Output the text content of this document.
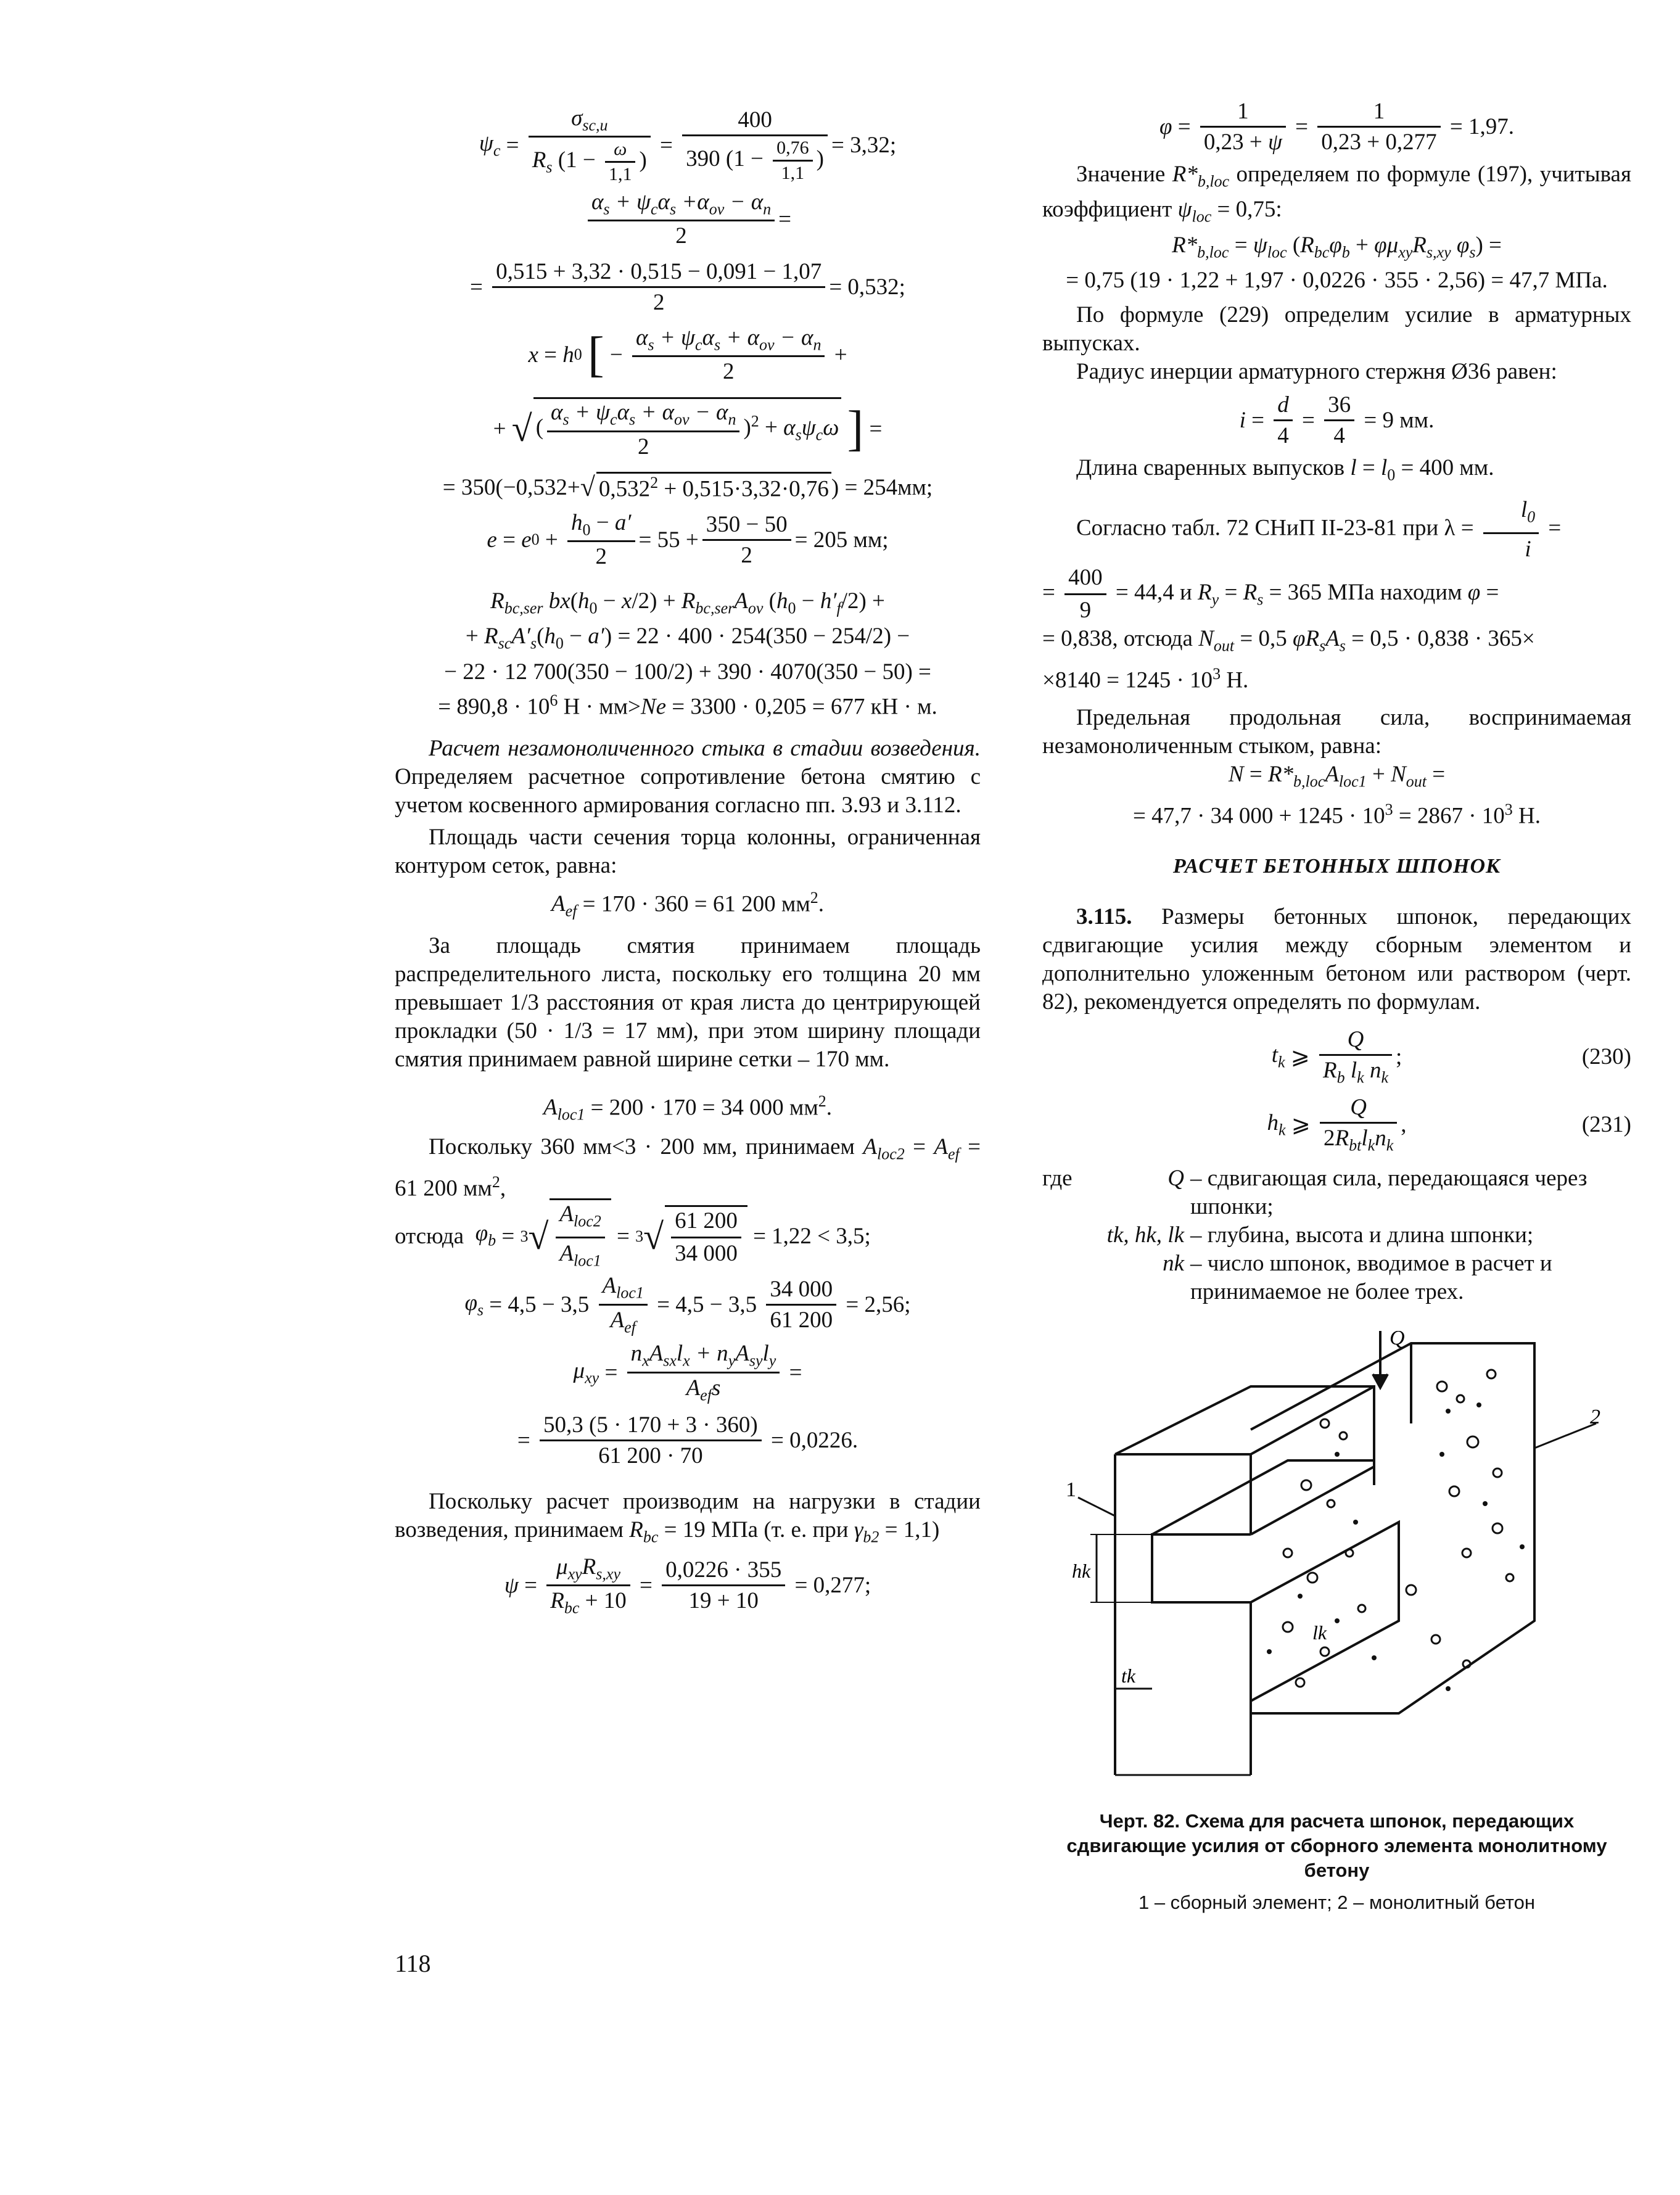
$\psi_c = \frac{\sigma_{sc,u}}{R_s (1 - \frac{\omega}{1,1} )} = \frac{400}{390 (1 - \frac{0,76}{1,1} )} = 3,32$;
$\frac{\alpha_s + \psi_c\alpha_s +\alpha_{ov} - \alpha_n}{2}$ =
= $\frac{0,515 + 3,32 \cdot 0,515 - 0,091 - 1,07}{2} = 0,532$;
x = h 0
[ − $\frac{\alpha_s + \psi_c\alpha_s + \alpha_{ov} - \alpha_n}{2}$ +
+ √ ( $\frac{\alpha_s + \psi_c\alpha_s + \alpha_{ov} - \alpha_n}{2} )^2 + \alpha_s\psi_c\omega$
] =
= 350(−0,532+ √ $0,532^2 + 0,515\cdot 3,32\cdot 0,76$ ) = 254мм;
e = e $0 + \frac{h_0 - a'}{2} = 55 + \frac{350 - 50}{2} = 205$ мм;
$R_{bc,ser}$ $bx(h_0 - x/2) + R_{bc,ser}A_{ov}$ $(h_0 - h'_f/2)$ +
+ $R_{sc}A'_s(h_0 - a') = 22 \cdot 400 \cdot 254(350 - 254/2)$ −
− 22 · 12 700(350 − 100/2) + 390 · 4070(350 − 50) =
= $890,8 \cdot 10^6$ Н · мм>Ne = 3300 · 0,205 = 677 кН · м.

Расчет незамоноличенного стыка в стадии возведения. Определяем расчетное сопротивление бетона смятию с учетом косвенного армирования согласно пп. 3.93 и 3.112.

Площадь части сечения торца колонны, ограниченная контуром сеток, равна:

$A_{ef} = 170 \cdot 360 = 61$ 200 $мм^2$.

За площадь смятия принимаем площадь распределительного листа, поскольку его толщина 20 мм превышает 1/3 расстояния от края листа до центрирующей прокладки (50 · 1/3 = 17 мм), при этом ширину площади смятия принимаем равной ширине сетки – 170 мм.

$A_{loc1} = 200 \cdot 170 = 34$ 000 $мм^2$.

Поскольку 360 мм<3 · 200 мм, принимаем $A_{loc2} = A_{ef} = 61$ 200 $мм^2$,

отсюда $\varphi_b = 3$ √ $\frac{A_{loc2}}{A_{loc1}} = 3$ √ $\frac{61 200}{34 000} = 1,22 < 3,5$;
$\varphi_s = 4,5 - 3,5 \frac{A_{loc1}}{A_{ef}} = 4,5 - 3,5 \frac{34 000}{61 200} = 2,56$;
$\mu_{xy} = \frac{n_xA_{sx}l_x + n_yA_{sy}l_y}{A_{ef}s}$ =
= $\frac{50,3 (5 \cdot 170 + 3 \cdot 360)}{61 200 \cdot 70} = 0,0226$.

Поскольку расчет производим на нагрузки в стадии возведения, принимаем $R_{bc} = 19$ МПа (т. е. при $\gamma_{b2} = 1,1$)

$\psi = \frac{\mu_{xy}R_{s,xy}}{R_{bc} + 10} = \frac{0,0226 \cdot 355}{19 + 10} = 0,277$;
118
$\varphi = \frac{1}{0,23 + \psi} = \frac{1}{0,23 + 0,277} = 1,97$.

Значение $R*_{b,loc}$ определяем по формуле (197), учитывая коэффициент $\psi_{loc} = 0,75$:

$R*_{b,loc} = \psi_{loc}$ ($R_{bc}\varphi_b + \varphi\mu_{xy}R_{s,xy}$ $\varphi_s$) =
= 0,75 (19 · 1,22 + 1,97 · 0,0226 · 355 · 2,56) = 47,7 МПа.

По формуле (229) определим усилие в арматурных выпусках.

Радиус инерции арматурного стержня Ø36 равен:

$i = \frac{d}{4} = \frac{36}{4} = 9$ мм.

Длина сваренных выпусков $l = l_0 = 400$ мм.

Согласно табл. 72 СНиП II-23-81 при $\lambda = \frac{l_0}{i}$ =

= $\frac{400}{9} = 44,4$ и $R_y = R_s = 365$ МПа находим φ =

= 0,838, отсюда $N_{out} = 0,5$ $\varphi R_sA_s = 0,5 \cdot 0,838 \cdot 365\times$

$\times 8140 = 1245 \cdot 10^3$ Н.

Предельная продольная сила, воспринимаемая незамоноличенным стыком, равна:

$N = R*_{b,loc}A_{loc1} + N_{out}$ =
= 47,7 · 34 $000 + 1245 \cdot 10^3 = 2867 \cdot 10^3$ Н.
РАСЧЕТ БЕТОННЫХ ШПОНОК

3.115. Размеры бетонных шпонок, передающих сдвигающие усилия между сборным элементом и дополнительно уложенным бетоном или раствором (черт. 82), рекомендуется определять по формулам.

$t_k$ ⩾ $\frac{Q}{R_b l_k n_k}$ ;	(230)
$h_k$ ⩾ $\frac{Q}{2R_{bt}l_kn_k}$ ,	(231)
где	Q – сдвигающая сила, передающаяся через шпонки;
tk, hk, lk – глубина, высота и длина шпонки;
nk – число шпонок, вводимое в расчет и принимаемое не более трех.
Q
1
2
hk
tk
lk
Черт. 82. Схема для расчета шпонок, передающих сдвигающие усилия от сборного элемента монолитному бетону
1 – сборный элемент; 2 – монолитный бетон
